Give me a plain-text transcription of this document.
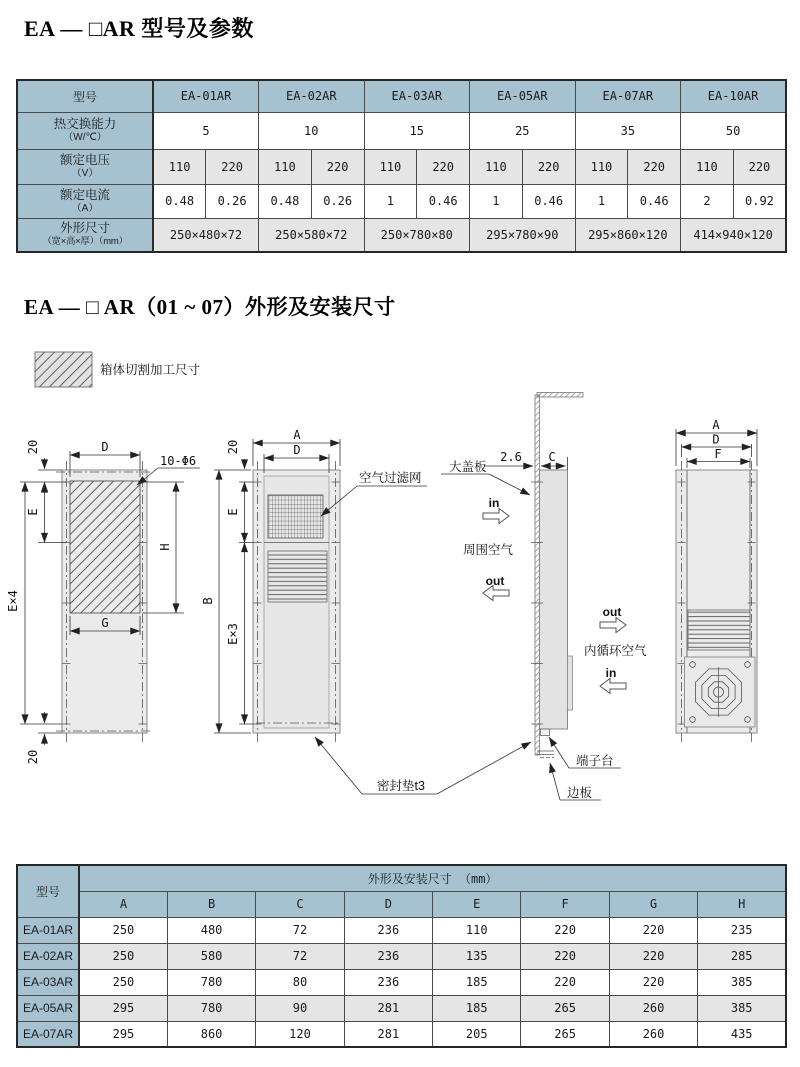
EA — □AR 型号及参数
型号	EA-01AR		EA-02AR		EA-03AR		EA-05AR		EA-07AR		EA-10AR	

热交换能力
（W/℃）	5		10		15		25		35		50	

额定电压
（V）	110	220	110	220	110	220	110	220	110	220	110	220

额定电流
（A）	0.48	0.26	0.48	0.26	1	0.46	1	0.46	1	0.46	2	0.92

外形尺寸
（宽×高×厚）（mm）	250×480×72		250×580×72		250×780×80		295×780×90		295×860×120		414×940×120	
EA — □ AR（01 ~ 07）外形及安装尺寸
箱体切割加工尺寸
D
10-Φ6
20
E
E×4
20
H
G
A
D
B
20
E
E×3
空气过滤网
2.6 C
大盖板
in
周围空气
out
out
内循环空气
in
端子台
边板
密封垫t3
A
D
F
型号	外形及安装尺寸 （mm）							
	A	B	C	D	E	F	G	H
EA-01AR	250	480	72	236	110	220	220	235
EA-02AR	250	580	72	236	135	220	220	285
EA-03AR	250	780	80	236	185	220	220	385
EA-05AR	295	780	90	281	185	265	260	385
EA-07AR	295	860	120	281	205	265	260	435
